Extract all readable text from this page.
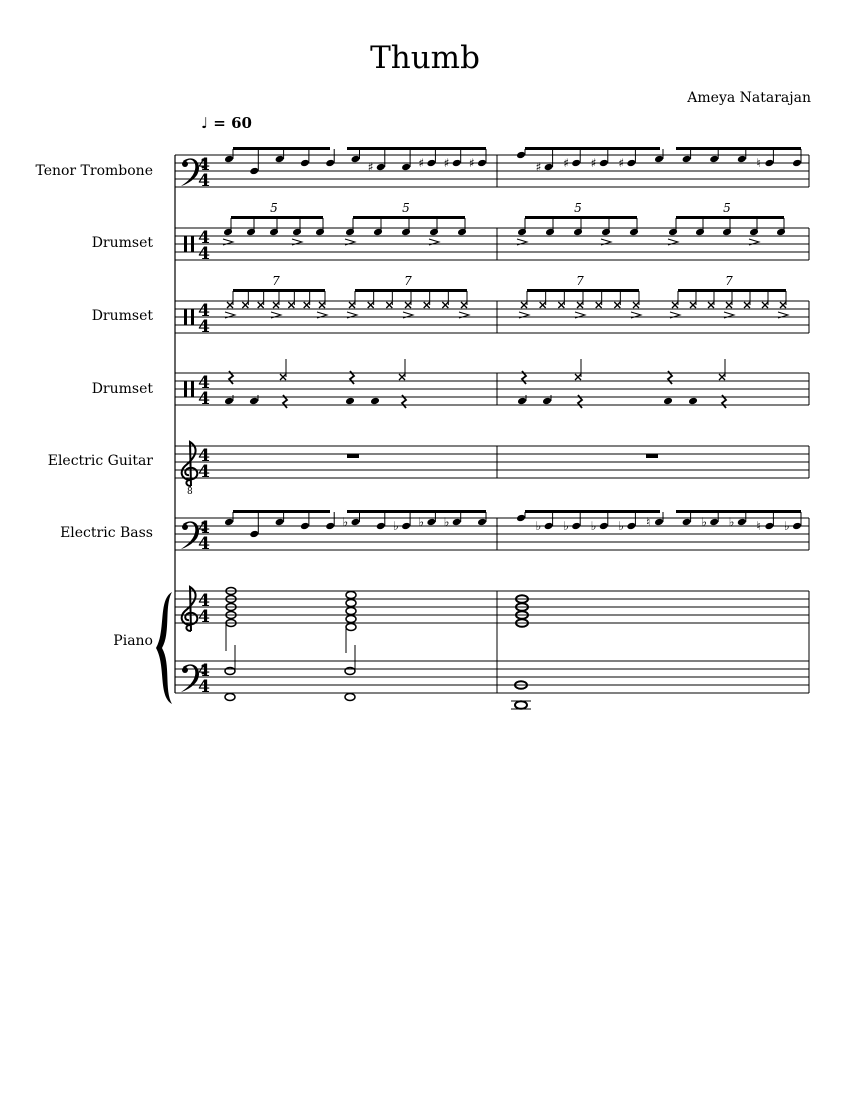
Thumb
Ameya Natarajan
♩ = 60
Tenor Trombone
Drumset
Drumset
Drumset
Electric Guitar
Electric Bass
Piano
8
4
4
4
4
4
4
4
4
4
4
4
4
4
4
4
4
♯	♯ ♯ ♯	♯ ♯ ♯ ♯	♮
♭	♭ ♭ ♭	♭ ♭ ♭ ♭ ♮	♭ ♭ ♮ ♭
5	5	5	5
7	7	7	7
